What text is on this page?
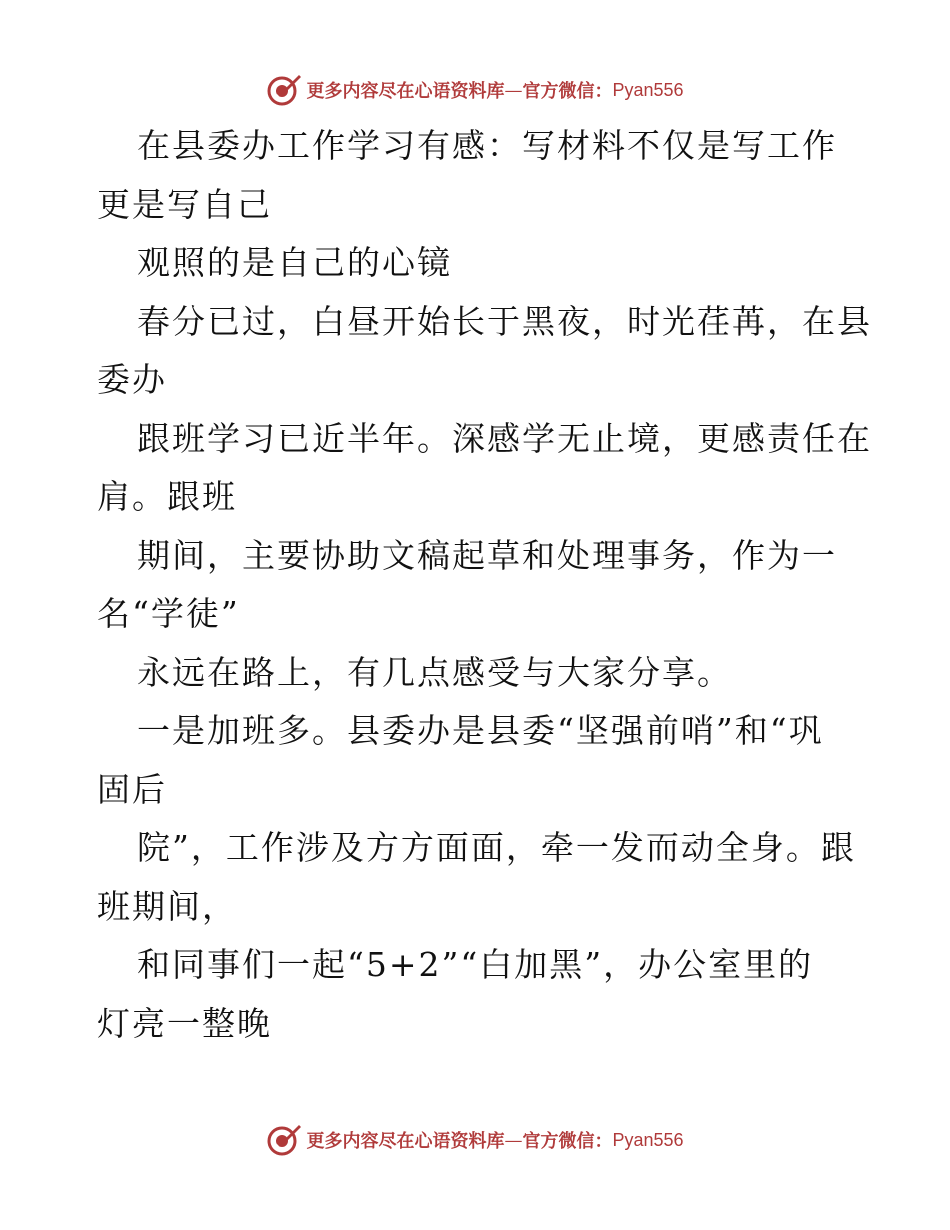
更多内容尽在心语资料库 — 官方微信： Pyan556
在县委办工作学习有感：写材料不仅是写工作
更是写自己
观照的是自己的心镜
春分已过，白昼开始长于黑夜，时光荏苒，在县
委办
跟班学习已近半年。深感学无止境，更感责任在
肩。跟班
期间，主要协助文稿起草和处理事务，作为一
名“学徒”
永远在路上，有几点感受与大家分享。
一是加班多。县委办是县委“坚强前哨”和“巩
固后
院”，工作涉及方方面面，牵一发而动全身。跟
班期间，
和同事们一起“5+2”“白加黑”，办公室里的
灯亮一整晚
更多内容尽在心语资料库 — 官方微信： Pyan556
